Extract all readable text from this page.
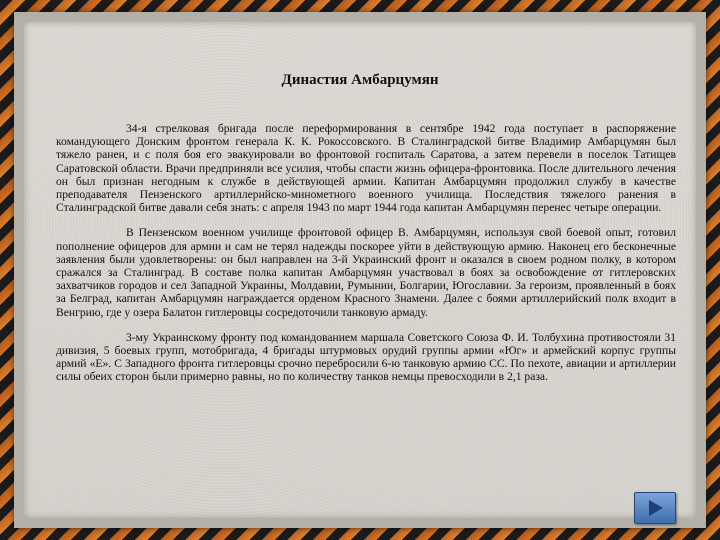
Династия Амбарцумян

34-я стрелковая бригада после переформирования в сентябре 1942 года поступает в распоряжение командующего Донским фронтом генерала К. К. Рокоссовского. В Сталинградской битве Владимир Амбарцумян был тяжело ранен, и с поля боя его эвакуировали во фронтовой госпиталь Саратова, а затем перевели в поселок Татищев Саратовской области. Врачи предприняли все усилия, чтобы спасти жизнь офицера-фронтовика. После длительного лечения он был признан негодным к службе в действующей армии. Капитан Амбарцумян продолжил службу в качестве преподавателя Пензенского артиллерийско-минометного военного училища. Последствия тяжелого ранения в Сталинградской битве давали себя знать: с апреля 1943 по март 1944 года капитан Амбарцумян перенес четыре операции.

В Пензенском военном училище фронтовой офицер В. Амбарцумян, используя свой боевой опыт, готовил пополнение офицеров для армии и сам не терял надежды поскорее уйти в действующую армию. Наконец его бесконечные заявления были удовлетворены: он был направлен на 3-й Украинский фронт и оказался в своем родном полку, в котором сражался за Сталинград. В составе полка капитан Амбарцумян участвовал в боях за освобождение от гитлеровских захватчиков городов и сел Западной Украины, Молдавии, Румынии, Болгарии, Югославии. За героизм, проявленный в боях за Белград, капитан Амбарцумян награждается орденом Красного Знамени. Далее с боями артиллерийский полк входит в Венгрию, где у озера Балатон гитлеровцы сосредоточили танковую армаду.

3-му Украинскому фронту под командованием маршала Советского Союза Ф. И. Толбухина противостояли 31 дивизия, 5 боевых групп, мотобригада, 4 бригады штурмовых орудий группы армии «Юг» и армейский корпус группы армий «Е». С Западного фронта гитлеровцы срочно перебросили 6-ю танковую армию СС. По пехоте, авиации и артиллерии силы обеих сторон были примерно равны, но по количеству танков немцы превосходили в 2,1 раза.
